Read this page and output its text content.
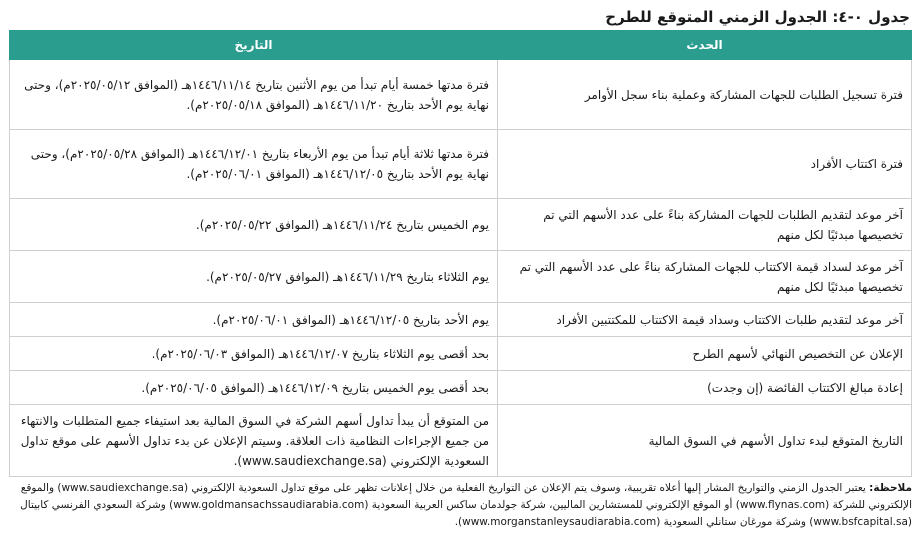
جدول ٠-٤: الجدول الزمني المتوقع للطرح
الحدث	التاريخ
فترة تسجيل الطلبات للجهات المشاركة وعملية بناء سجل الأوامر	فترة مدتها خمسة أيام تبدأ من يوم الأثنين بتاريخ ١٤٤٦/١١/١٤هـ (الموافق ٢٠٢٥/٠٥/١٢م)، وحتى نهاية يوم الأحد بتاريخ ١٤٤٦/١١/٢٠هـ (الموافق ٢٠٢٥/٠٥/١٨م).
فترة اكتتاب الأفراد	فترة مدتها ثلاثة أيام تبدأ من يوم الأربعاء بتاريخ ١٤٤٦/١٢/٠١هـ (الموافق ٢٠٢٥/٠٥/٢٨م)، وحتى نهاية يوم الأحد بتاريخ ١٤٤٦/١٢/٠٥هـ (الموافق ٢٠٢٥/٠٦/٠١م).
آخر موعد لتقديم الطلبات للجهات المشاركة بناءً على عدد الأسهم التي تم تخصيصها مبدئيًا لكل منهم	يوم الخميس بتاريخ ١٤٤٦/١١/٢٤هـ (الموافق ٢٠٢٥/٠٥/٢٢م).
آخر موعد لسداد قيمة الاكتتاب للجهات المشاركة بناءً على عدد الأسهم التي تم تخصيصها مبدئيًا لكل منهم	يوم الثلاثاء بتاريخ ١٤٤٦/١١/٢٩هـ (الموافق ٢٠٢٥/٠٥/٢٧م).
آخر موعد لتقديم طلبات الاكتتاب وسداد قيمة الاكتتاب للمكتتبين الأفراد	يوم الأحد بتاريخ ١٤٤٦/١٢/٠٥هـ (الموافق ٢٠٢٥/٠٦/٠١م).
الإعلان عن التخصيص النهائي لأسهم الطرح	بحد أقصى يوم الثلاثاء بتاريخ ١٤٤٦/١٢/٠٧هـ (الموافق ٢٠٢٥/٠٦/٠٣م).
إعادة مبالغ الاكتتاب الفائضة (إن وجدت)	بحد أقصى يوم الخميس بتاريخ ١٤٤٦/١٢/٠٩هـ (الموافق ٢٠٢٥/٠٦/٠٥م).
التاريخ المتوقع لبدء تداول الأسهم في السوق المالية	من المتوقع أن يبدأ تداول أسهم الشركة في السوق المالية بعد استيفاء جميع المتطلبات والانتهاء من جميع الإجراءات النظامية ذات العلاقة. وسيتم الإعلان عن بدء تداول الأسهم على موقع تداول السعودية الإلكتروني (www.saudiexchange.sa).
ملاحظة: يعتبر الجدول الزمني والتواريخ المشار إليها أعلاه تقريبية، وسوف يتم الإعلان عن التواريخ الفعلية من خلال إعلانات تظهر على موقع تداول السعودية الإلكتروني (www.saudiexchange.sa) والموقع الإلكتروني للشركة (www.flynas.com) أو الموقع الإلكتروني للمستشارين الماليين، شركة جولدمان ساكس العربية السعودية (www.goldmansachssaudiarabia.com) وشركة السعودي الفرنسي كابيتال (www.bsfcapital.sa) وشركة مورغان ستانلي السعودية (www.morganstanleysaudiarabia.com).
